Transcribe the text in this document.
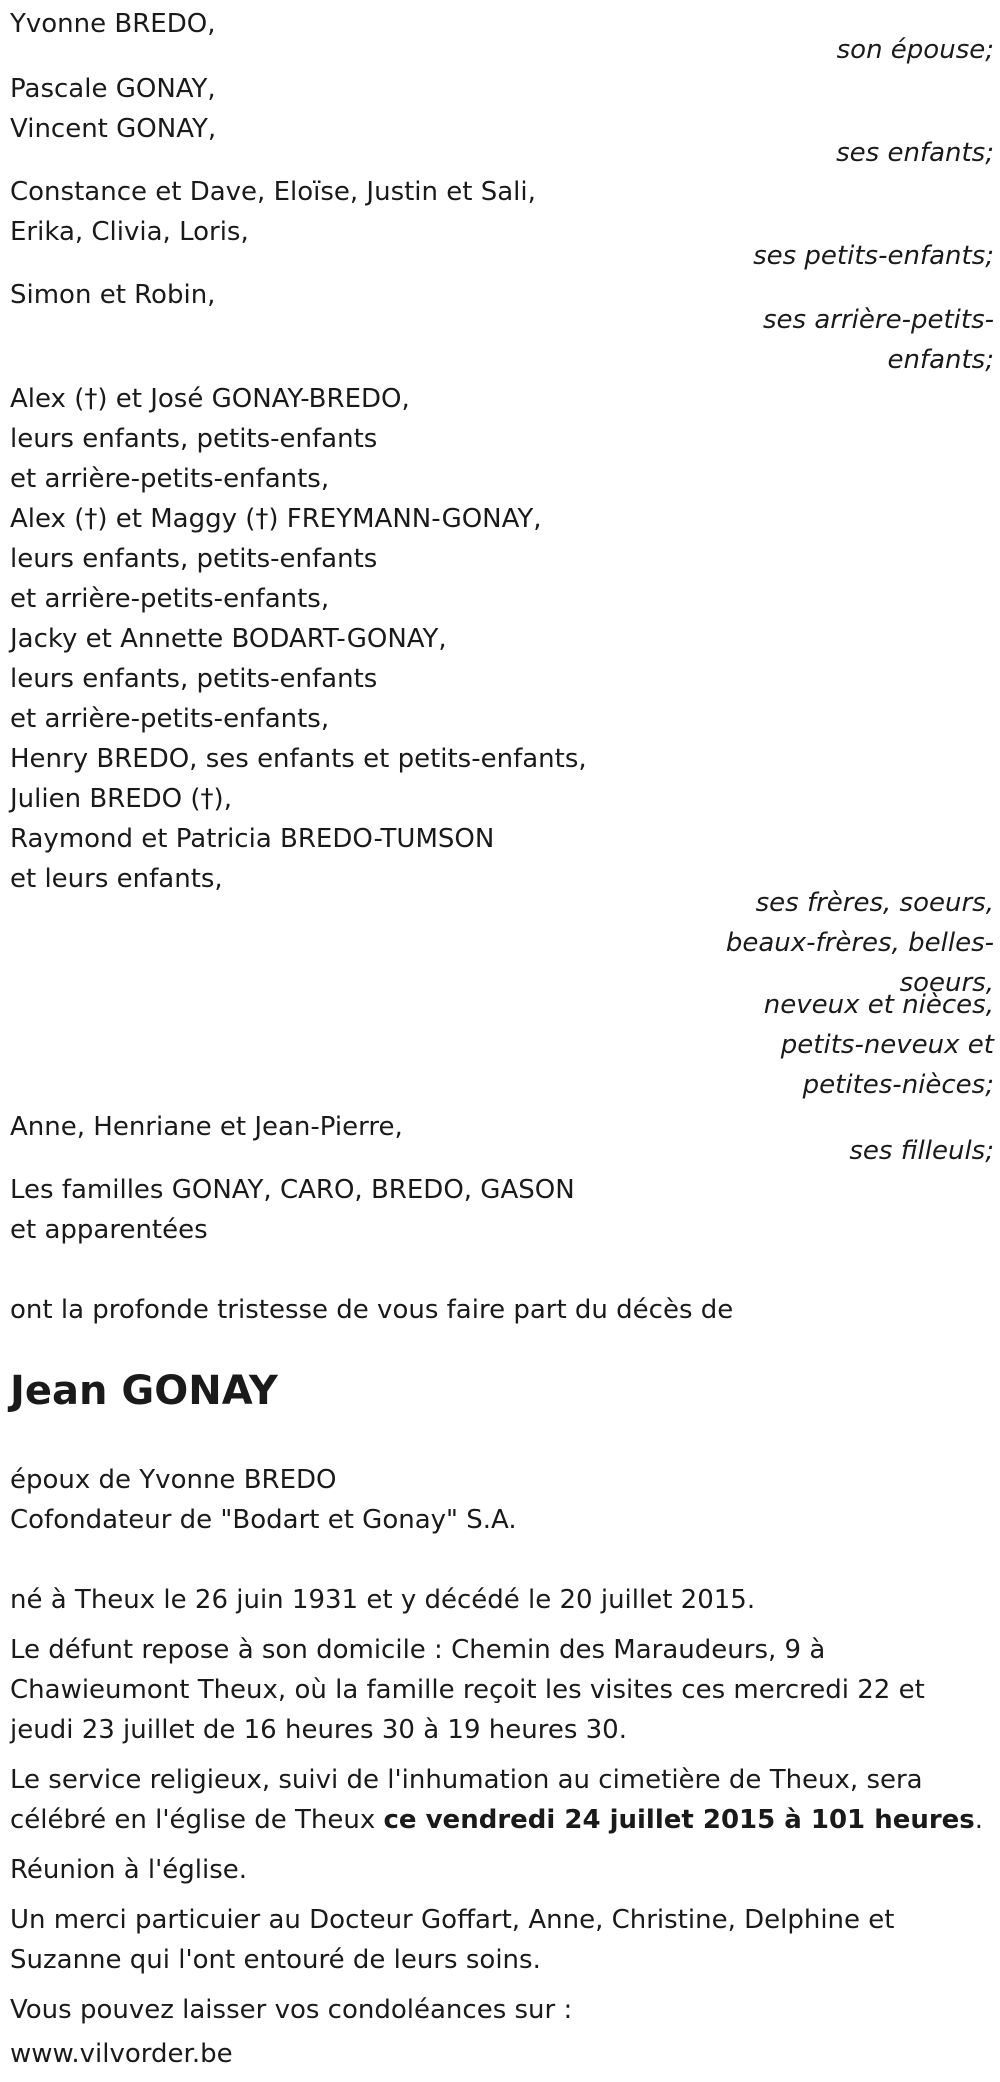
Yvonne BREDO,
son épouse;
Pascale GONAY,
Vincent GONAY,
ses enfants;
Constance et Dave, Eloïse, Justin et Sali,
Erika, Clivia, Loris,
ses petits-enfants;
Simon et Robin,
ses arrière-petits-
enfants;
Alex (†) et José GONAY-BREDO,
leurs enfants, petits-enfants
et arrière-petits-enfants,
Alex (†) et Maggy (†) FREYMANN-GONAY,
leurs enfants, petits-enfants
et arrière-petits-enfants,
Jacky et Annette BODART-GONAY,
leurs enfants, petits-enfants
et arrière-petits-enfants,
Henry BREDO, ses enfants et petits-enfants,
Julien BREDO (†),
Raymond et Patricia BREDO-TUMSON
et leurs enfants,
ses frères, soeurs,
beaux-frères, belles-
soeurs,
neveux et nièces,
petits-neveux et
petites-nièces;
Anne, Henriane et Jean-Pierre,
ses filleuls;
Les familles GONAY, CARO, BREDO, GASON
et apparentées
ont la profonde tristesse de vous faire part du décès de
Jean GONAY
époux de Yvonne BREDO
Cofondateur de "Bodart et Gonay" S.A.
né à Theux le 26 juin 1931 et y décédé le 20 juillet 2015.
Le défunt repose à son domicile : Chemin des Maraudeurs, 9 à
Chawieumont Theux, où la famille reçoit les visites ces mercredi 22 et
jeudi 23 juillet de 16 heures 30 à 19 heures 30.
Le service religieux, suivi de l'inhumation au cimetière de Theux, sera
célébré en l'église de Theux ce vendredi 24 juillet 2015 à 101 heures.
Réunion à l'église.
Un merci particuier au Docteur Goffart, Anne, Christine, Delphine et
Suzanne qui l'ont entouré de leurs soins.
Vous pouvez laisser vos condoléances sur :
www.vilvorder.be
